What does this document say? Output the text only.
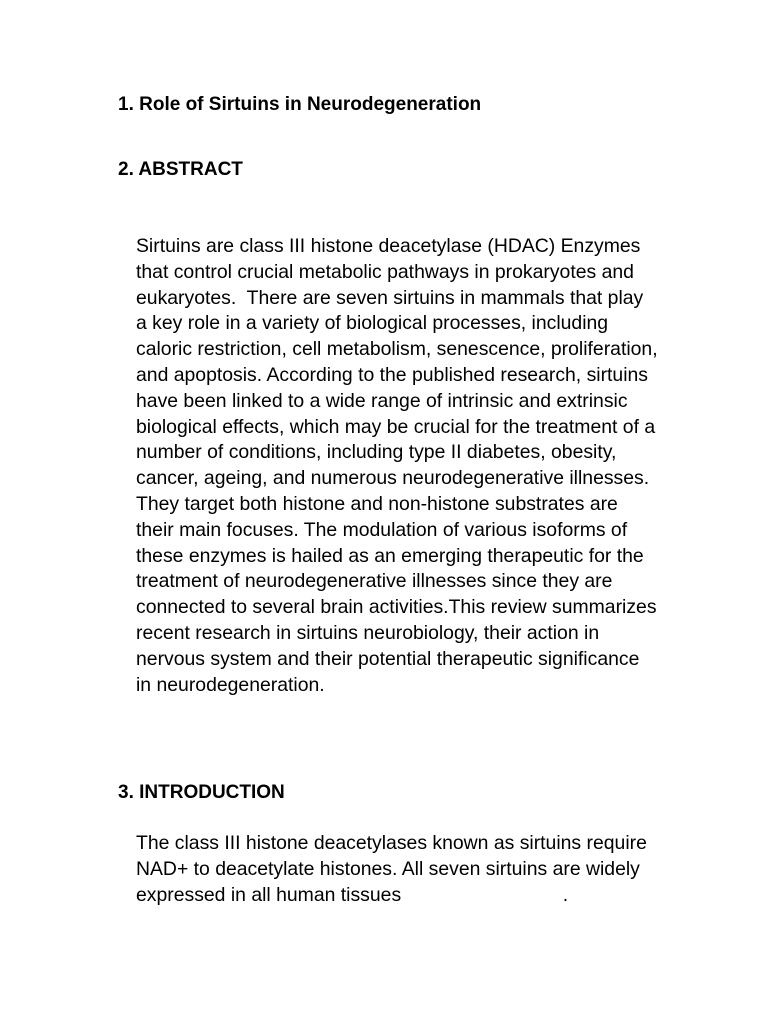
1. Role of Sirtuins in Neurodegeneration
2. ABSTRACT
Sirtuins are class III histone deacetylase (HDAC) Enzymes
that control crucial metabolic pathways in prokaryotes and
eukaryotes.  There are seven sirtuins in mammals that play
a key role in a variety of biological processes, including
caloric restriction, cell metabolism, senescence, proliferation,
and apoptosis. According to the published research, sirtuins
have been linked to a wide range of intrinsic and extrinsic
biological effects, which may be crucial for the treatment of a
number of conditions, including type II diabetes, obesity,
cancer, ageing, and numerous neurodegenerative illnesses.
They target both histone and non-histone substrates are
their main focuses. The modulation of various isoforms of
these enzymes is hailed as an emerging therapeutic for the
treatment of neurodegenerative illnesses since they are
connected to several brain activities.This review summarizes
recent research in sirtuins neurobiology, their action in
nervous system and their potential therapeutic significance
in neurodegeneration.
3. INTRODUCTION
The class III histone deacetylases known as sirtuins require
NAD+ to deacetylate histones. All seven sirtuins are widely
expressed in all human tissues                              .
